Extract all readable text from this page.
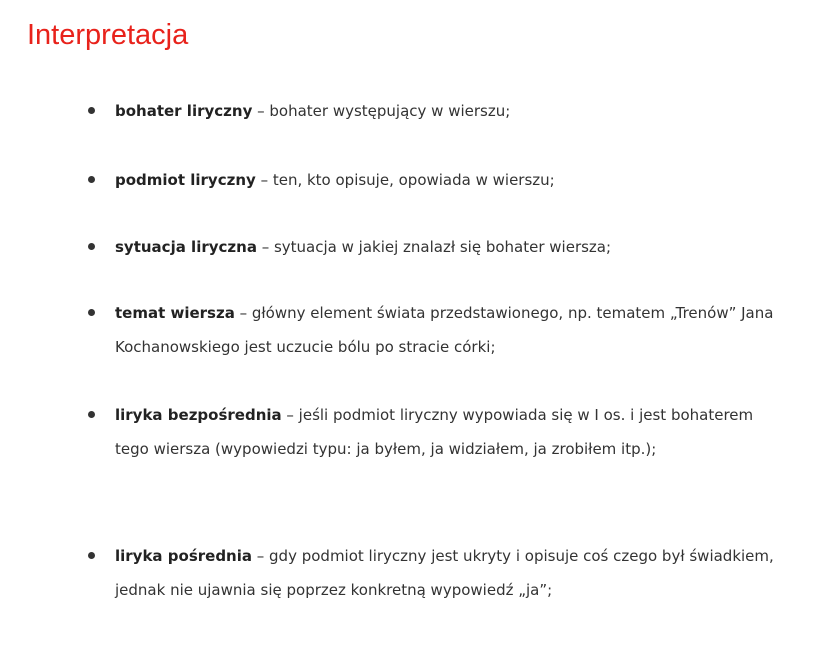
Interpretacja
bohater liryczny – bohater występujący w wierszu;
podmiot liryczny – ten, kto opisuje, opowiada w wierszu;
sytuacja liryczna – sytuacja w jakiej znalazł się bohater wiersza;
temat wiersza – główny element świata przedstawionego, np. tematem „Trenów” Jana Kochanowskiego jest uczucie bólu po stracie córki;
liryka bezpośrednia – jeśli podmiot liryczny wypowiada się w I os. i jest bohaterem tego wiersza (wypowiedzi typu: ja byłem, ja widziałem, ja zrobiłem itp.);
liryka pośrednia – gdy podmiot liryczny jest ukryty i opisuje coś czego był świadkiem, jednak nie ujawnia się poprzez konkretną wypowiedź „ja”;
